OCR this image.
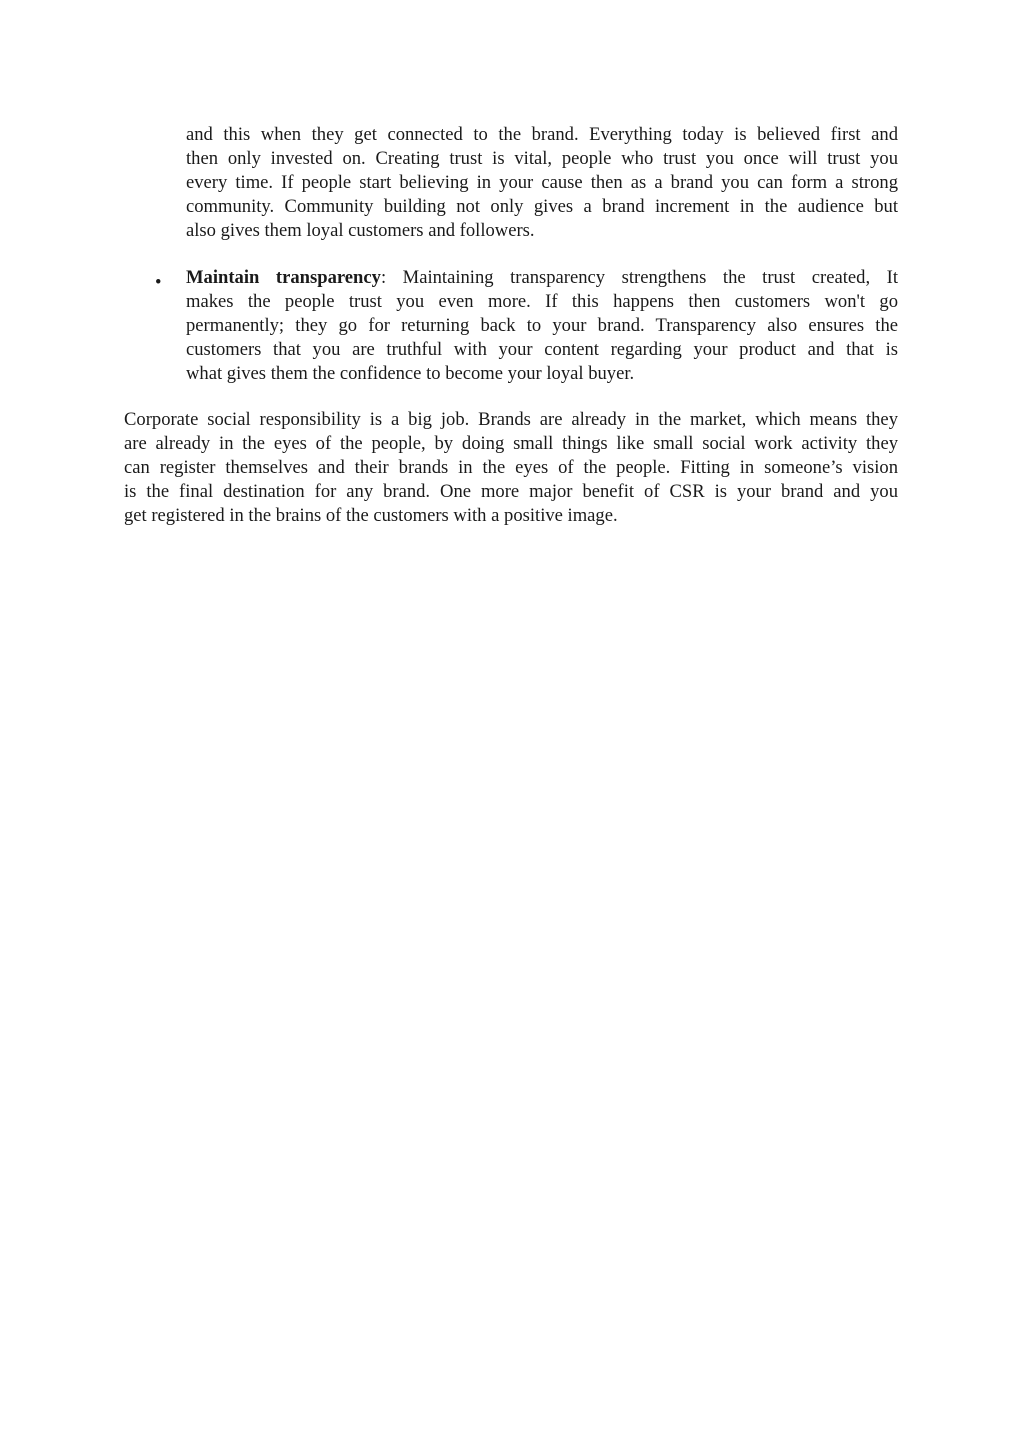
and this when they get connected to the brand. Everything today is believed first and
then only invested on. Creating trust is vital, people who trust you once will trust you
every time. If people start believing in your cause then as a brand you can form a strong
community. Community building not only gives a brand increment in the audience but
also gives them loyal customers and followers.

• Maintain transparency: Maintaining transparency strengthens the trust created, It
makes the people trust you even more. If this happens then customers won't go
permanently; they go for returning back to your brand. Transparency also ensures the
customers that you are truthful with your content regarding your product and that is
what gives them the confidence to become your loyal buyer.

Corporate social responsibility is a big job. Brands are already in the market, which means they
are already in the eyes of the people, by doing small things like small social work activity they
can register themselves and their brands in the eyes of the people. Fitting in someone’s vision
is the final destination for any brand. One more major benefit of CSR is your brand and you
get registered in the brains of the customers with a positive image.
